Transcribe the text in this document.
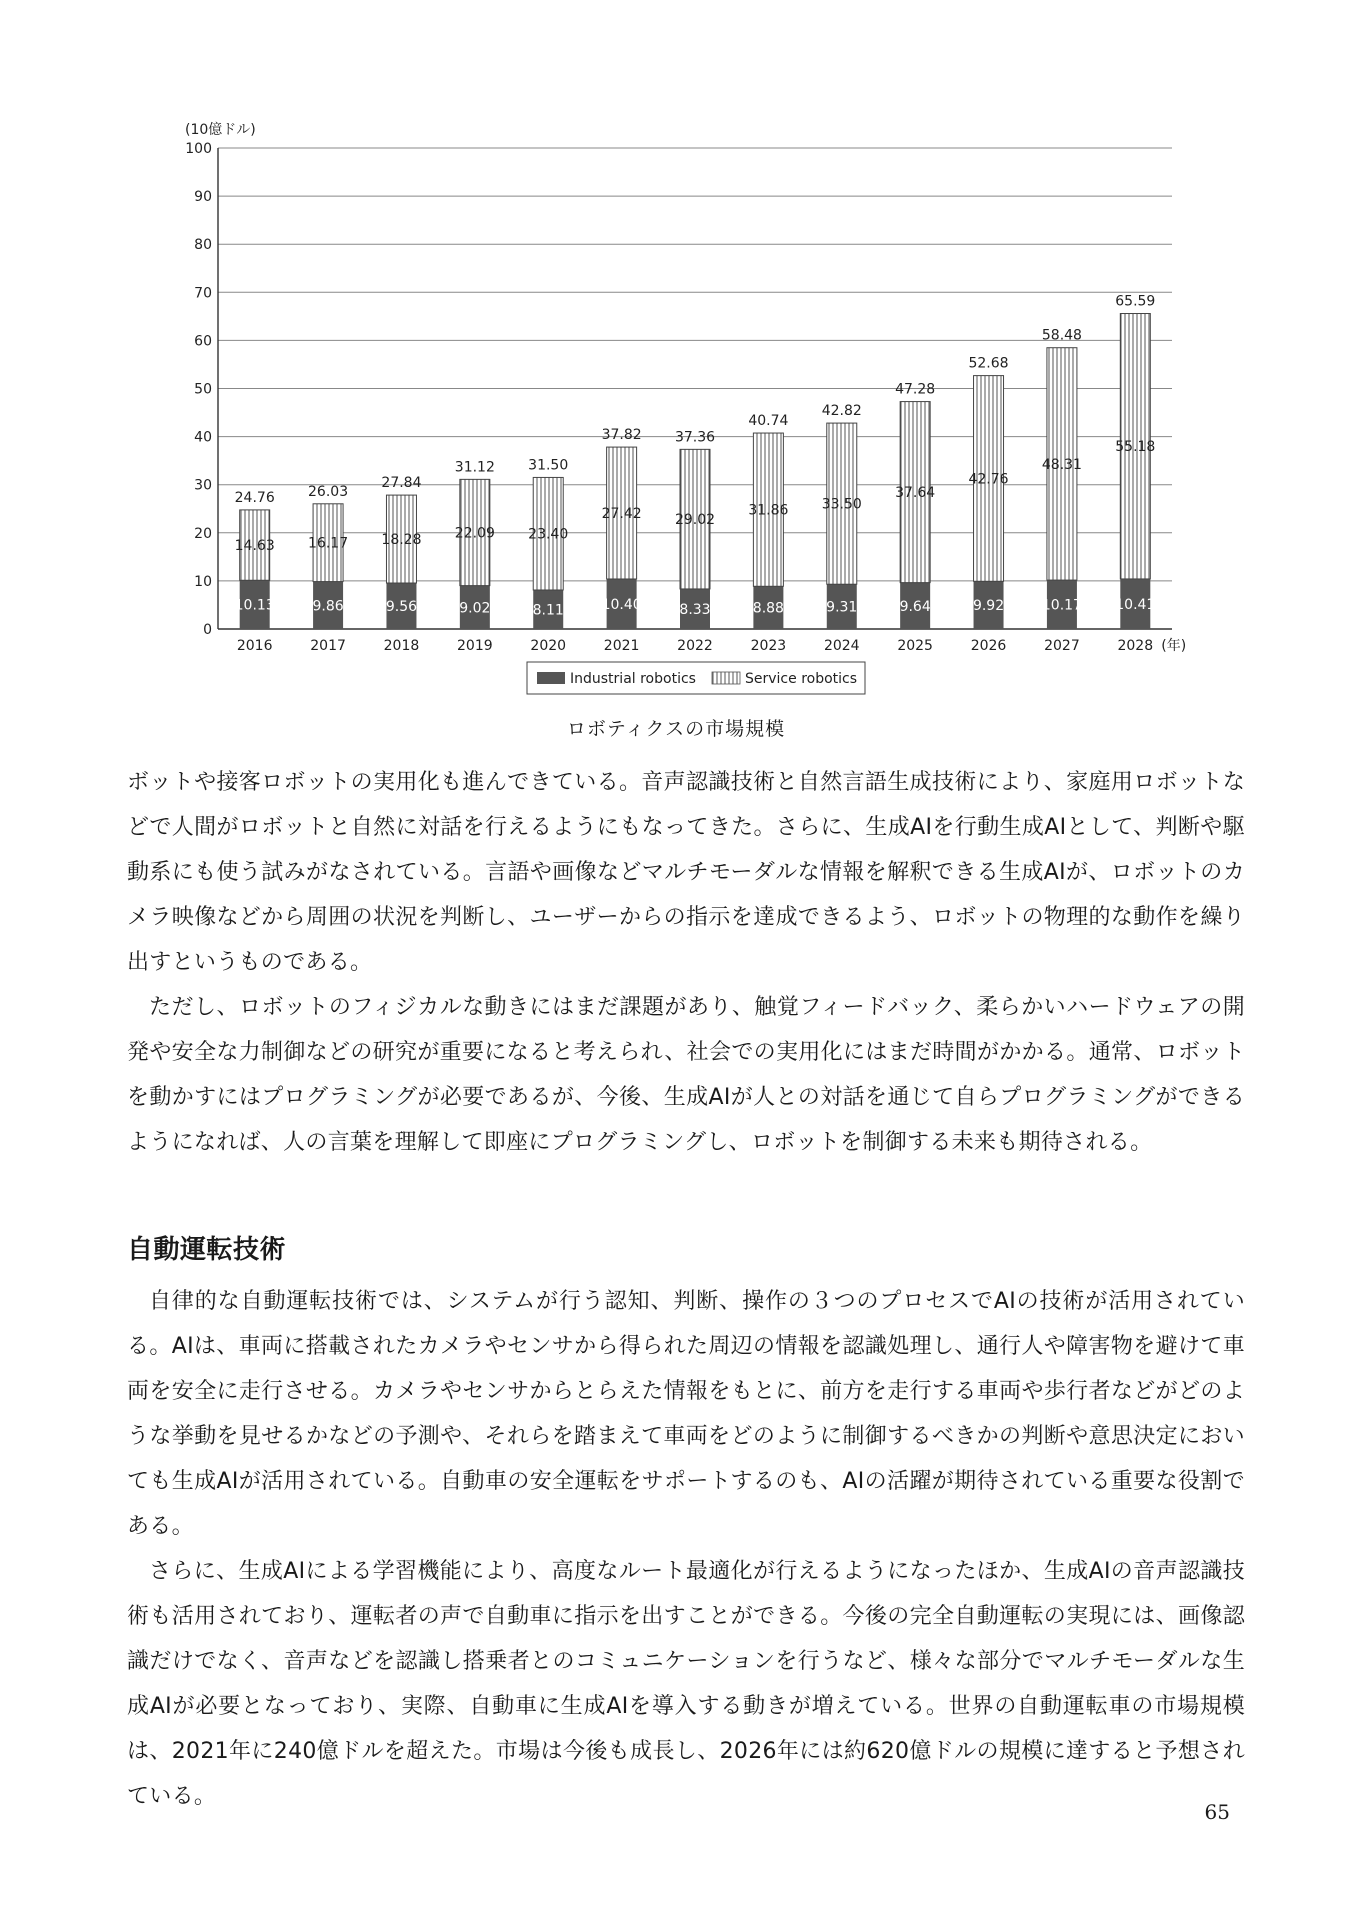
(10億ドル)
0
10
20
30
40
50
60
70
80
90
100
10.13
14.63
24.76
9.86
16.17
26.03
9.56
18.28
27.84
9.02
22.09
31.12
8.11
23.40
31.50
10.40
27.42
37.82
8.33
29.02
37.36
8.88
31.86
40.74
9.31
33.50
42.82
9.64
37.64
47.28
9.92
42.76
52.68
10.17
48.31
58.48
10.41
55.18
65.59
2016	2017	2018	2019	2020	2021	2022	2023	2024	2025	2026	2027	2028 (年)
Industrial robotics	Service robotics
ロボティクスの市場規模

ボットや接客ロボットの実用化も進んできている。音声認識技術と自然言語生成技術により、家庭用ロボットなどで人間がロボットと自然に対話を行えるようにもなってきた。さらに、生成AIを行動生成AIとして、判断や駆動系にも使う試みがなされている。言語や画像などマルチモーダルな情報を解釈できる生成AIが、ロボットのカメラ映像などから周囲の状況を判断し、ユーザーからの指示を達成できるよう、ロボットの物理的な動作を繰り出すというものである。

ただし、ロボットのフィジカルな動きにはまだ課題があり、触覚フィードバック、柔らかいハードウェアの開発や安全な力制御などの研究が重要になると考えられ、社会での実用化にはまだ時間がかかる。通常、ロボットを動かすにはプログラミングが必要であるが、今後、生成AIが人との対話を通じて自らプログラミングができるようになれば、人の言葉を理解して即座にプログラミングし、ロボットを制御する未来も期待される。

自動運転技術

自律的な自動運転技術では、システムが行う認知、判断、操作の３つのプロセスでAIの技術が活用されている。AIは、車両に搭載されたカメラやセンサから得られた周辺の情報を認識処理し、通行人や障害物を避けて車両を安全に走行させる。カメラやセンサからとらえた情報をもとに、前方を走行する車両や歩行者などがどのような挙動を見せるかなどの予測や、それらを踏まえて車両をどのように制御するべきかの判断や意思決定においても生成AIが活用されている。自動車の安全運転をサポートするのも、AIの活躍が期待されている重要な役割である。

さらに、生成AIによる学習機能により、高度なルート最適化が行えるようになったほか、生成AIの音声認識技術も活用されており、運転者の声で自動車に指示を出すことができる。今後の完全自動運転の実現には、画像認識だけでなく、音声などを認識し搭乗者とのコミュニケーションを行うなど、様々な部分でマルチモーダルな生成AIが必要となっており、実際、自動車に生成AIを導入する動きが増えている。世界の自動運転車の市場規模は、2021年に240億ドルを超えた。市場は今後も成長し、2026年には約620億ドルの規模に達すると予想されている。

65
